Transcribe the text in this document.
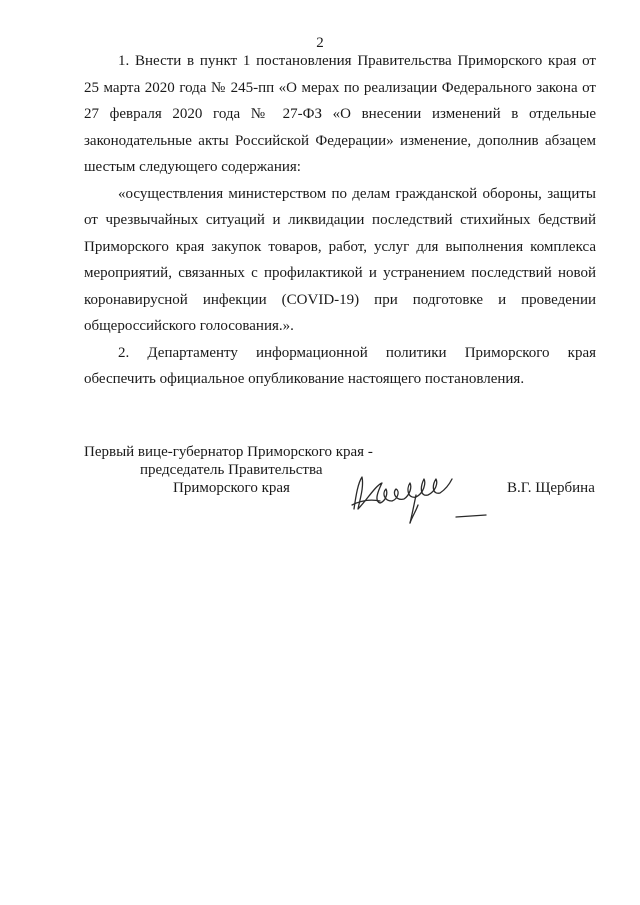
2

1. Внести в пункт 1 постановления Правительства Приморского края от 25 марта 2020 года № 245-пп «О мерах по реализации Федерального закона от 27 февраля 2020 года № 27-ФЗ «О внесении изменений в отдельные законодательные акты Российской Федерации» изменение, дополнив абзацем шестым следующего содержания:

«осуществления министерством по делам гражданской обороны, защиты от чрезвычайных ситуаций и ликвидации последствий стихийных бедствий Приморского края закупок товаров, работ, услуг для выполнения комплекса мероприятий, связанных с профилактикой и устранением последствий новой коронавирусной инфекции (COVID-19) при подготовке и проведении общероссийского голосования.».

2. Департаменту информационной политики Приморского края обеспечить официальное опубликование настоящего постановления.

Первый вице-губернатор Приморского края -
председатель Правительства
Приморского края	В.Г. Щербина
